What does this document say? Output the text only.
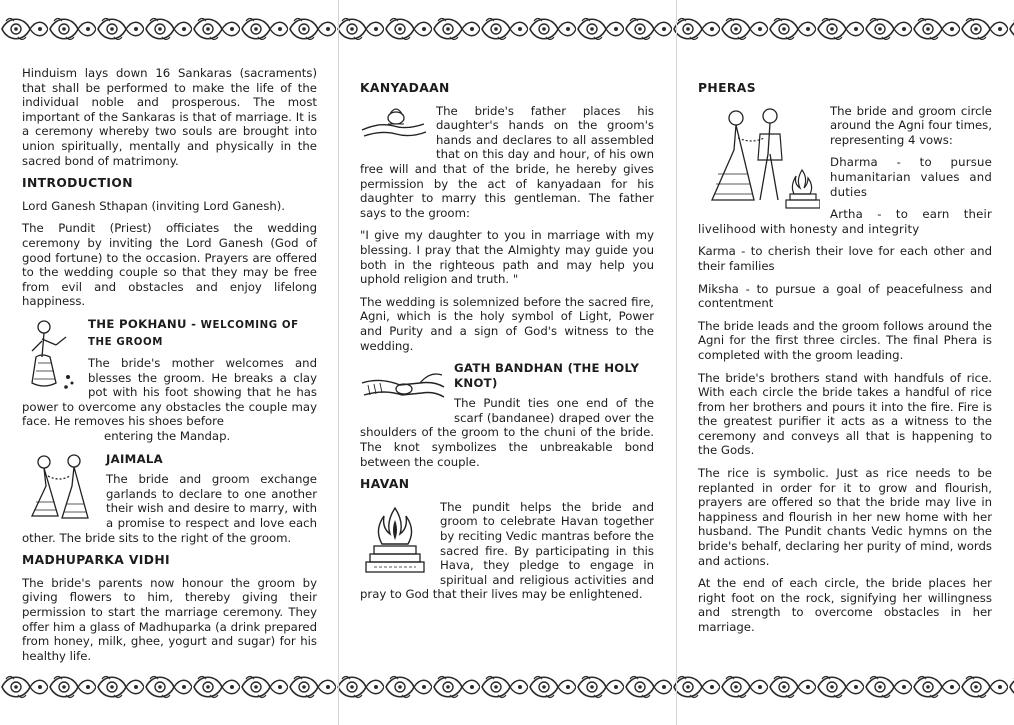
Hinduism lays down 16 Sankaras (sacraments) that shall be performed to make the life of the individual noble and prosperous. The most important of the Sankaras is that of marriage. It is a ceremony whereby two souls are brought into union spiritually, mentally and physically in the sacred bond of matrimony.

INTRODUCTION

Lord Ganesh Sthapan (inviting Lord Ganesh).

The Pundit (Priest) officiates the wedding ceremony by inviting the Lord Ganesh (God of good fortune) to the occasion. Prayers are offered to the wedding couple so that they may be free from evil and obstacles and enjoy lifelong happiness.

THE POKHANU - WELCOMING OF THE GROOM

The bride's mother welcomes and blesses the groom. He breaks a clay pot with his foot showing that he has power to overcome any obstacles the couple may face. He removes his shoes before

entering the Mandap.

JAIMALA

The bride and groom exchange garlands to declare to one another their wish and desire to marry, with a promise to respect and love each other. The bride sits to the right of the groom.

MADHUPARKA VIDHI

The bride's parents now honour the groom by giving flowers to him, thereby giving their permission to start the marriage ceremony. They offer him a glass of Madhuparka (a drink prepared from honey, milk, ghee, yogurt and sugar) for his healthy life.

KANYADAAN

The bride's father places his daughter's hands on the groom's hands and declares to all assembled that on this day and hour, of his own free will and that of the bride, he hereby gives permission by the act of kanyadaan for his daughter to marry this gentleman. The father says to the groom:

"I give my daughter to you in marriage with my blessing. I pray that the Almighty may guide you both in the righteous path and may help you uphold religion and truth. "

The wedding is solemnized before the sacred fire, Agni, which is the holy symbol of Light, Power and Purity and a sign of God's witness to the wedding.

GATH BANDHAN (THE HOLY KNOT)

The Pundit ties one end of the scarf (bandanee) draped over the shoulders of the groom to the chuni of the bride. The knot symbolizes the unbreakable bond between the couple.

HAVAN

The pundit helps the bride and groom to celebrate Havan together by reciting Vedic mantras before the sacred fire. By participating in this Hava, they pledge to engage in spiritual and religious activities and pray to God that their lives may be enlightened.

PHERAS

The bride and groom circle around the Agni four times, representing 4 vows:

Dharma - to pursue humanitarian values and duties

Artha - to earn their livelihood with honesty and integrity

Karma - to cherish their love for each other and their families

Miksha - to pursue a goal of peacefulness and contentment

The bride leads and the groom follows around the Agni for the first three circles. The final Phera is completed with the groom leading.

The bride's brothers stand with handfuls of rice. With each circle the bride takes a handful of rice from her brothers and pours it into the fire. Fire is the greatest purifier it acts as a witness to the ceremony and conveys all that is happening to the Gods.

The rice is symbolic. Just as rice needs to be replanted in order for it to grow and flourish, prayers are offered so that the bride may live in happiness and flourish in her new home with her husband. The Pundit chants Vedic hymns on the bride's behalf, declaring her purity of mind, words and actions.

At the end of each circle, the bride places her right foot on the rock, signifying her willingness and strength to overcome obstacles in her marriage.
